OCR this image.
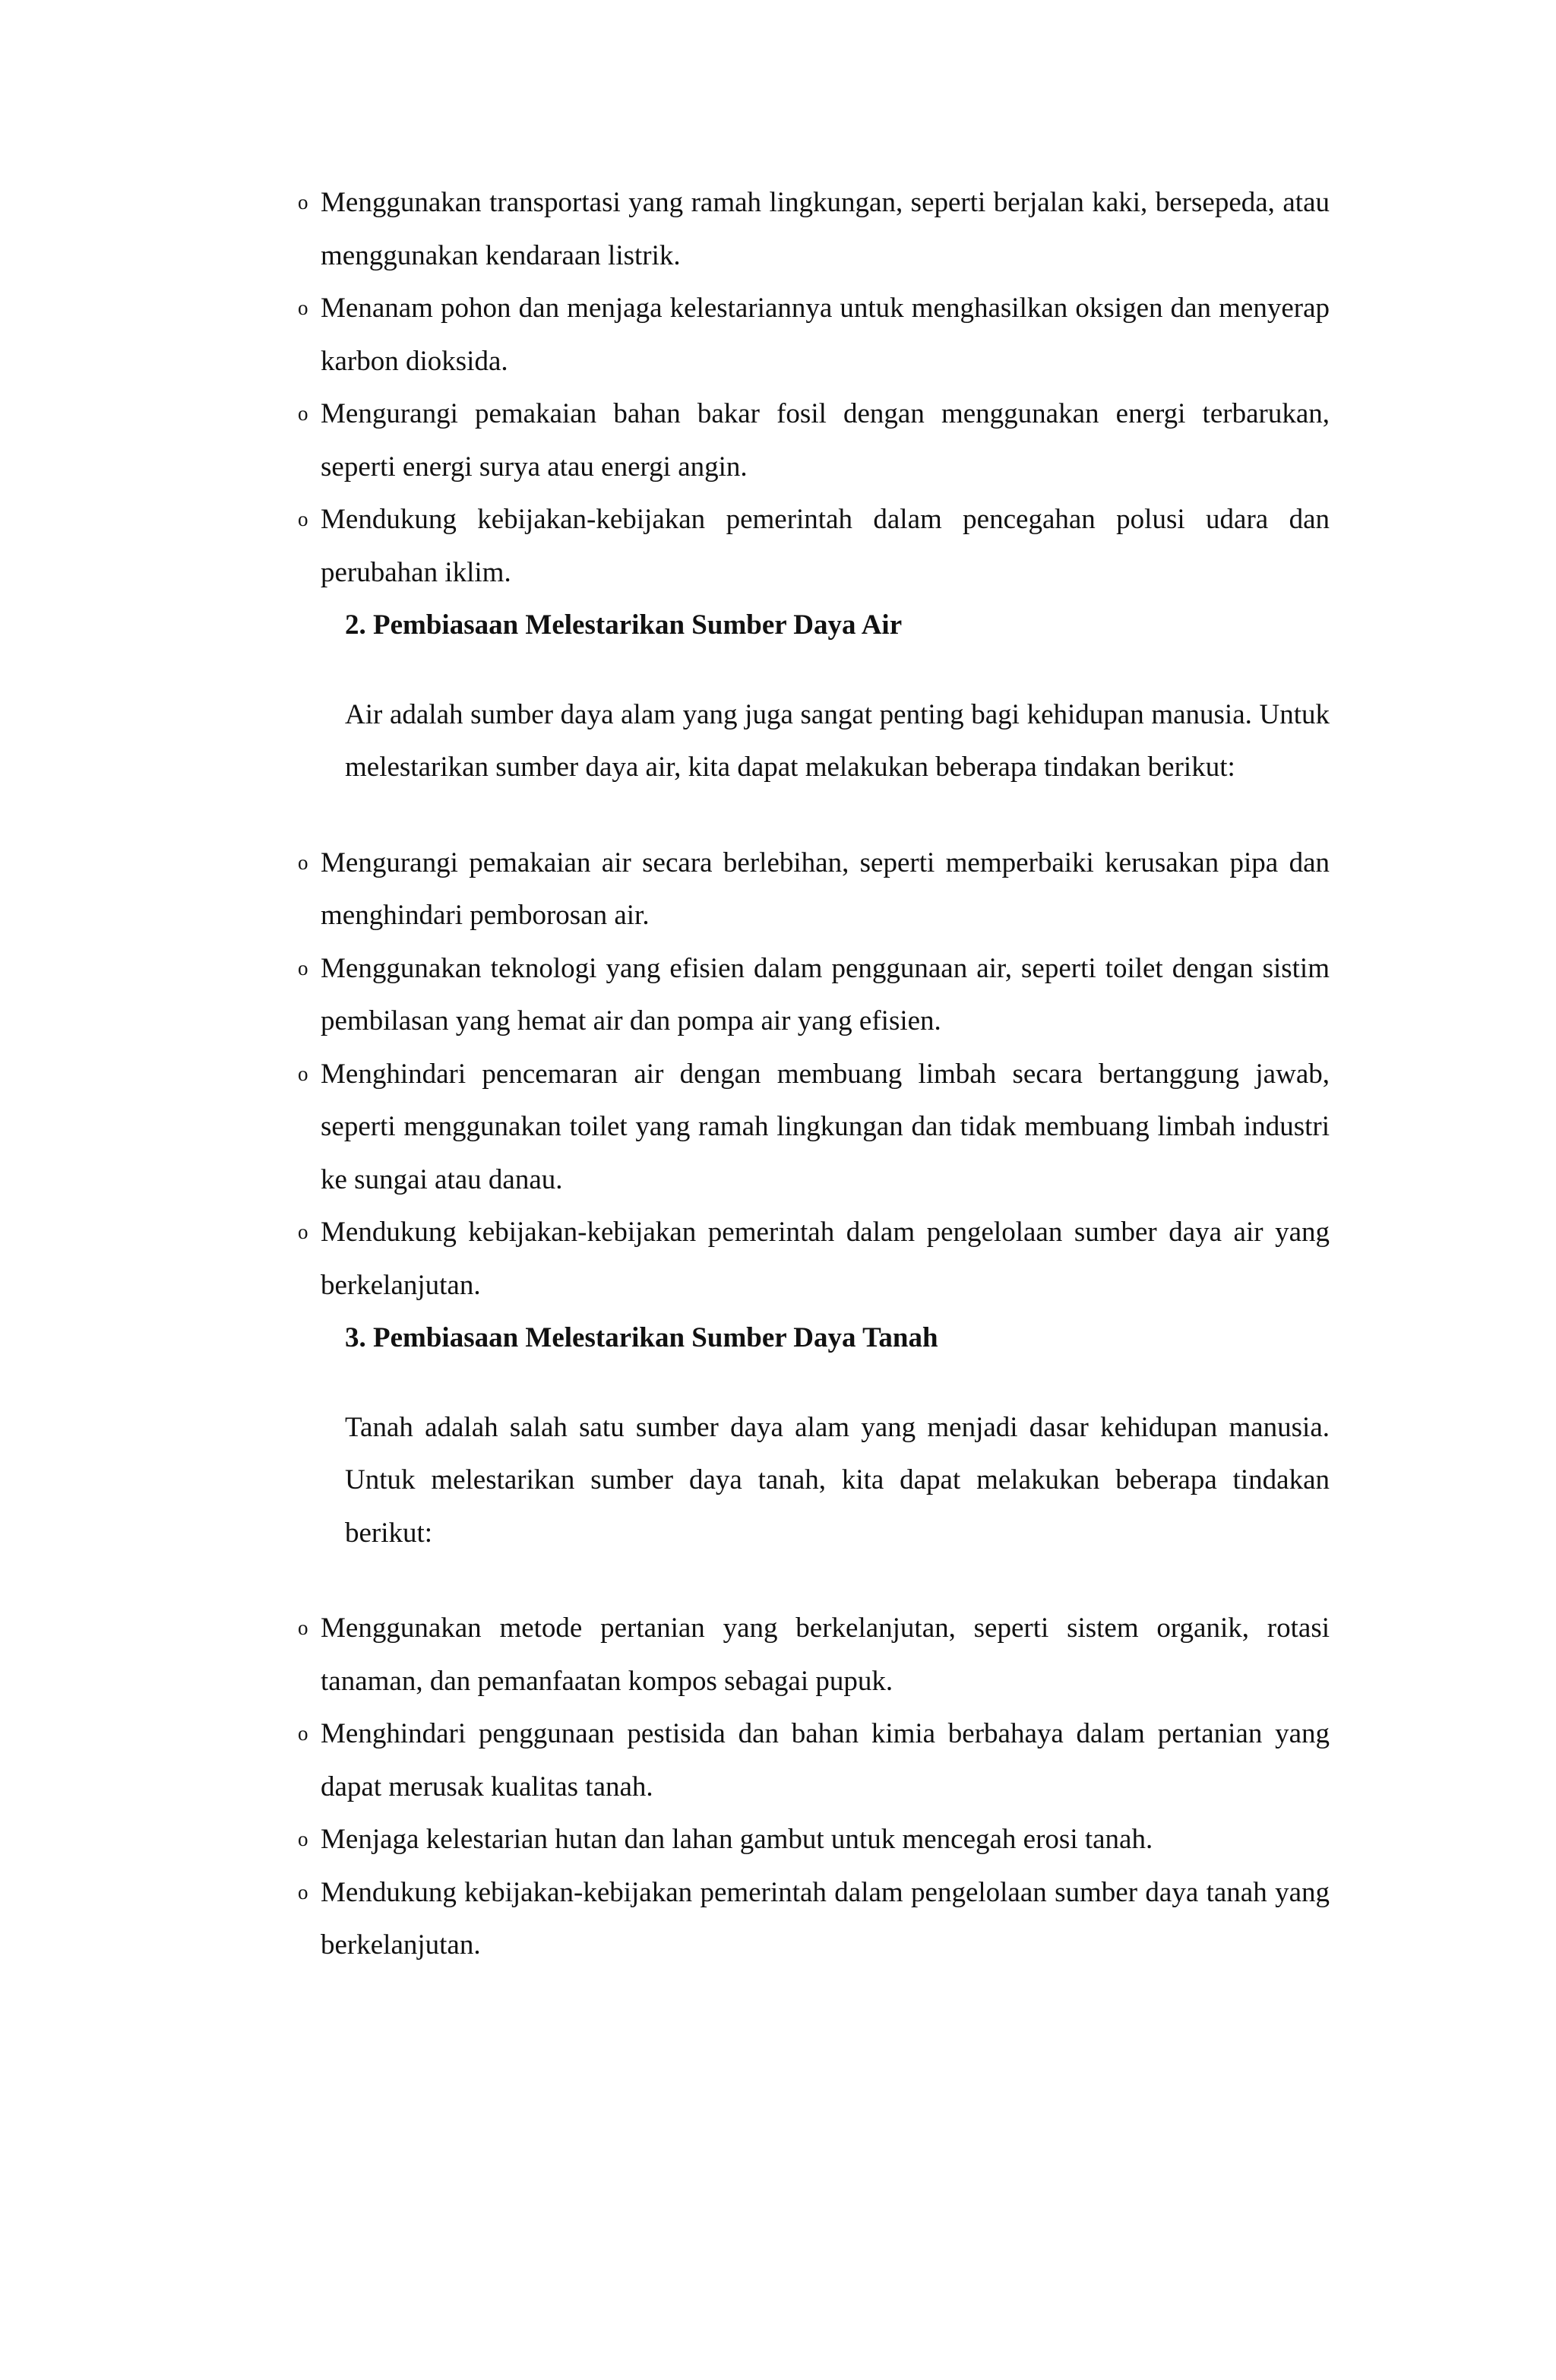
o Menggunakan transportasi yang ramah lingkungan, seperti berjalan kaki, bersepeda, atau menggunakan kendaraan listrik.
o Menanam pohon dan menjaga kelestariannya untuk menghasilkan oksigen dan menyerap karbon dioksida.
o Mengurangi pemakaian bahan bakar fosil dengan menggunakan energi terbarukan, seperti energi surya atau energi angin.
o Mendukung kebijakan-kebijakan pemerintah dalam pencegahan polusi udara dan perubahan iklim.
2. Pembiasaan Melestarikan Sumber Daya Air
Air adalah sumber daya alam yang juga sangat penting bagi kehidupan manusia. Untuk melestarikan sumber daya air, kita dapat melakukan beberapa tindakan berikut:
o Mengurangi pemakaian air secara berlebihan, seperti memperbaiki kerusakan pipa dan menghindari pemborosan air.
o Menggunakan teknologi yang efisien dalam penggunaan air, seperti toilet dengan sistim pembilasan yang hemat air dan pompa air yang efisien.
o Menghindari pencemaran air dengan membuang limbah secara bertanggung jawab, seperti menggunakan toilet yang ramah lingkungan dan tidak membuang limbah industri ke sungai atau danau.
o Mendukung kebijakan-kebijakan pemerintah dalam pengelolaan sumber daya air yang berkelanjutan.
3. Pembiasaan Melestarikan Sumber Daya Tanah
Tanah adalah salah satu sumber daya alam yang menjadi dasar kehidupan manusia. Untuk melestarikan sumber daya tanah, kita dapat melakukan beberapa tindakan berikut:
o Menggunakan metode pertanian yang berkelanjutan, seperti sistem organik, rotasi tanaman, dan pemanfaatan kompos sebagai pupuk.
o Menghindari penggunaan pestisida dan bahan kimia berbahaya dalam pertanian yang dapat merusak kualitas tanah.
o Menjaga kelestarian hutan dan lahan gambut untuk mencegah erosi tanah.
o Mendukung kebijakan-kebijakan pemerintah dalam pengelolaan sumber daya tanah yang berkelanjutan.
